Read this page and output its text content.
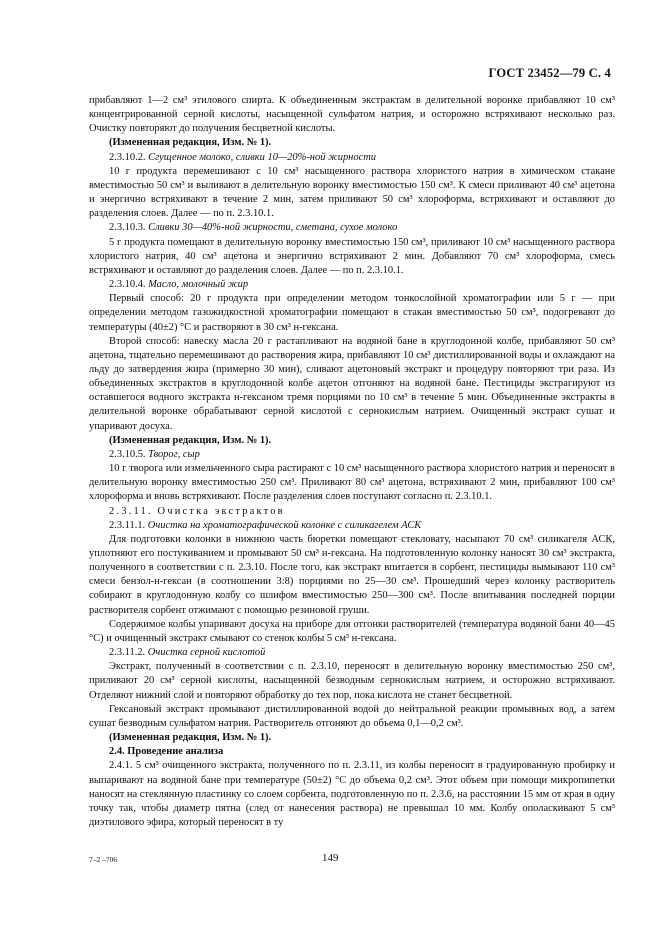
ГОСТ 23452—79 С. 4

прибавляют 1—2 см³ этилового спирта. К объединенным экстрактам в делительной воронке прибавляют 10 см³ концентрированной серной кислоты, насыщенной сульфатом натрия, и осторожно встряхивают несколько раз. Очистку повторяют до получения бесцветной кислоты.

(Измененная редакция, Изм. № 1).

2.3.10.2. Сгущенное молоко, сливки 10—20%-ной жирности

10 г продукта перемешивают с 10 см³ насыщенного раствора хлористого натрия в химическом стакане вместимостью 50 см³ и выливают в делительную воронку вместимостью 150 см³. К смеси приливают 40 см³ ацетона и энергично встряхивают в течение 2 мин, затем приливают 50 см³ хлороформа, встряхивают и оставляют до разделения слоев. Далее — по п. 2.3.10.1.

2.3.10.3. Сливки 30—40%-ной жирности, сметана, сухое молоко

5 г продукта помещают в делительную воронку вместимостью 150 см³, приливают 10 см³ насыщенного раствора хлористого натрия, 40 см³ ацетона и энергично встряхивают 2 мин. Добавляют 70 см³ хлороформа, смесь встряхивают и оставляют до разделения слоев. Далее — по п. 2.3.10.1.

2.3.10.4. Масло, молочный жир

Первый способ: 20 г продукта при определении методом тонкослойной хроматографии или 5 г — при определении методом газожидкостной хроматографии помещают в стакан вместимостью 50 см³, подогревают до температуры (40±2) °С и растворяют в 30 см³ н-гексана.

Второй способ: навеску масла 20 г растапливают на водяной бане в круглодонной колбе, прибавляют 50 см³ ацетона, тщательно перемешивают до растворения жира, прибавляют 10 см³ дистиллированной воды и охлаждают на льду до затвердения жира (примерно 30 мин), сливают ацетоновый экстракт и процедуру повторяют три раза. Из объединенных экстрактов в круглодонной колбе ацетон отгоняют на водяной бане. Пестициды экстрагируют из оставшегося водного экстракта н-гексаном тремя порциями по 10 см³ в течение 5 мин. Объединенные экстракты в делительной воронке обрабатывают серной кислотой с сернокислым натрием. Очищенный экстракт сушат и упаривают досуха.

(Измененная редакция, Изм. № 1).

2.3.10.5. Творог, сыр

10 г творога или измельченного сыра растирают с 10 см³ насыщенного раствора хлористого натрия и переносят в делительную воронку вместимостью 250 см³. Приливают 80 см³ ацетона, встряхивают 2 мин, прибавляют 100 см³ хлороформа и вновь встряхивают. После разделения слоев поступают согласно п. 2.3.10.1.

2.3.11. Очистка экстрактов

2.3.11.1. Очистка на хроматографической колонке с силикагелем АСК

Для подготовки колонки в нижнюю часть бюретки помещают стекловату, насыпают 70 см³ силикагеля АСК, уплотняют его постукиванием и промывают 50 см³ н-гексана. На подготовленную колонку наносят 30 см³ экстракта, полученного в соответствии с п. 2.3.10. После того, как экстракт впитается в сорбент, пестициды вымывают 110 см³ смеси бензол-н-гексан (в соотношении 3:8) порциями по 25—30 см³. Прошедший через колонку растворитель собирают в круглодонную колбу со шлифом вместимостью 250—300 см³. После впитывания последней порции растворителя сорбент отжимают с помощью резиновой груши.

Содержимое колбы упаривают досуха на приборе для отгонки растворителей (температура водяной бани 40—45 °С) и очищенный экстракт смывают со стенок колбы 5 см³ н-гексана.

2.3.11.2. Очистка серной кислотой

Экстракт, полученный в соответствии с п. 2.3.10, переносят в делительную воронку вместимостью 250 см³, приливают 20 см³ серной кислоты, насыщенной безводным сернокислым натрием, и осторожно встряхивают. Отделяют нижний слой и повторяют обработку до тех пор, пока кислота не станет бесцветной.

Гексановый экстракт промывают дистиллированной водой до нейтральной реакции промывных вод, а затем сушат безводным сульфатом натрия. Растворитель отгоняют до объема 0,1—0,2 см³.

(Измененная редакция, Изм. № 1).

2.4. Проведение анализа

2.4.1. 5 см³ очищенного экстракта, полученного по п. 2.3.11, из колбы переносят в градуированную пробирку и выпаривают на водяной бане при температуре (50±2) °С до объема 0,2 см³. Этот объем при помощи микропипетки наносят на стеклянную пластинку со слоем сорбента, подготовленную по п. 2.3.6, на расстоянии 15 мм от края в одну точку так, чтобы диаметр пятна (след от нанесения раствора) не превышал 10 мм. Колбу ополаскивают 5 см³ диэтилового эфира, который переносят в ту

7–2 –706	149
